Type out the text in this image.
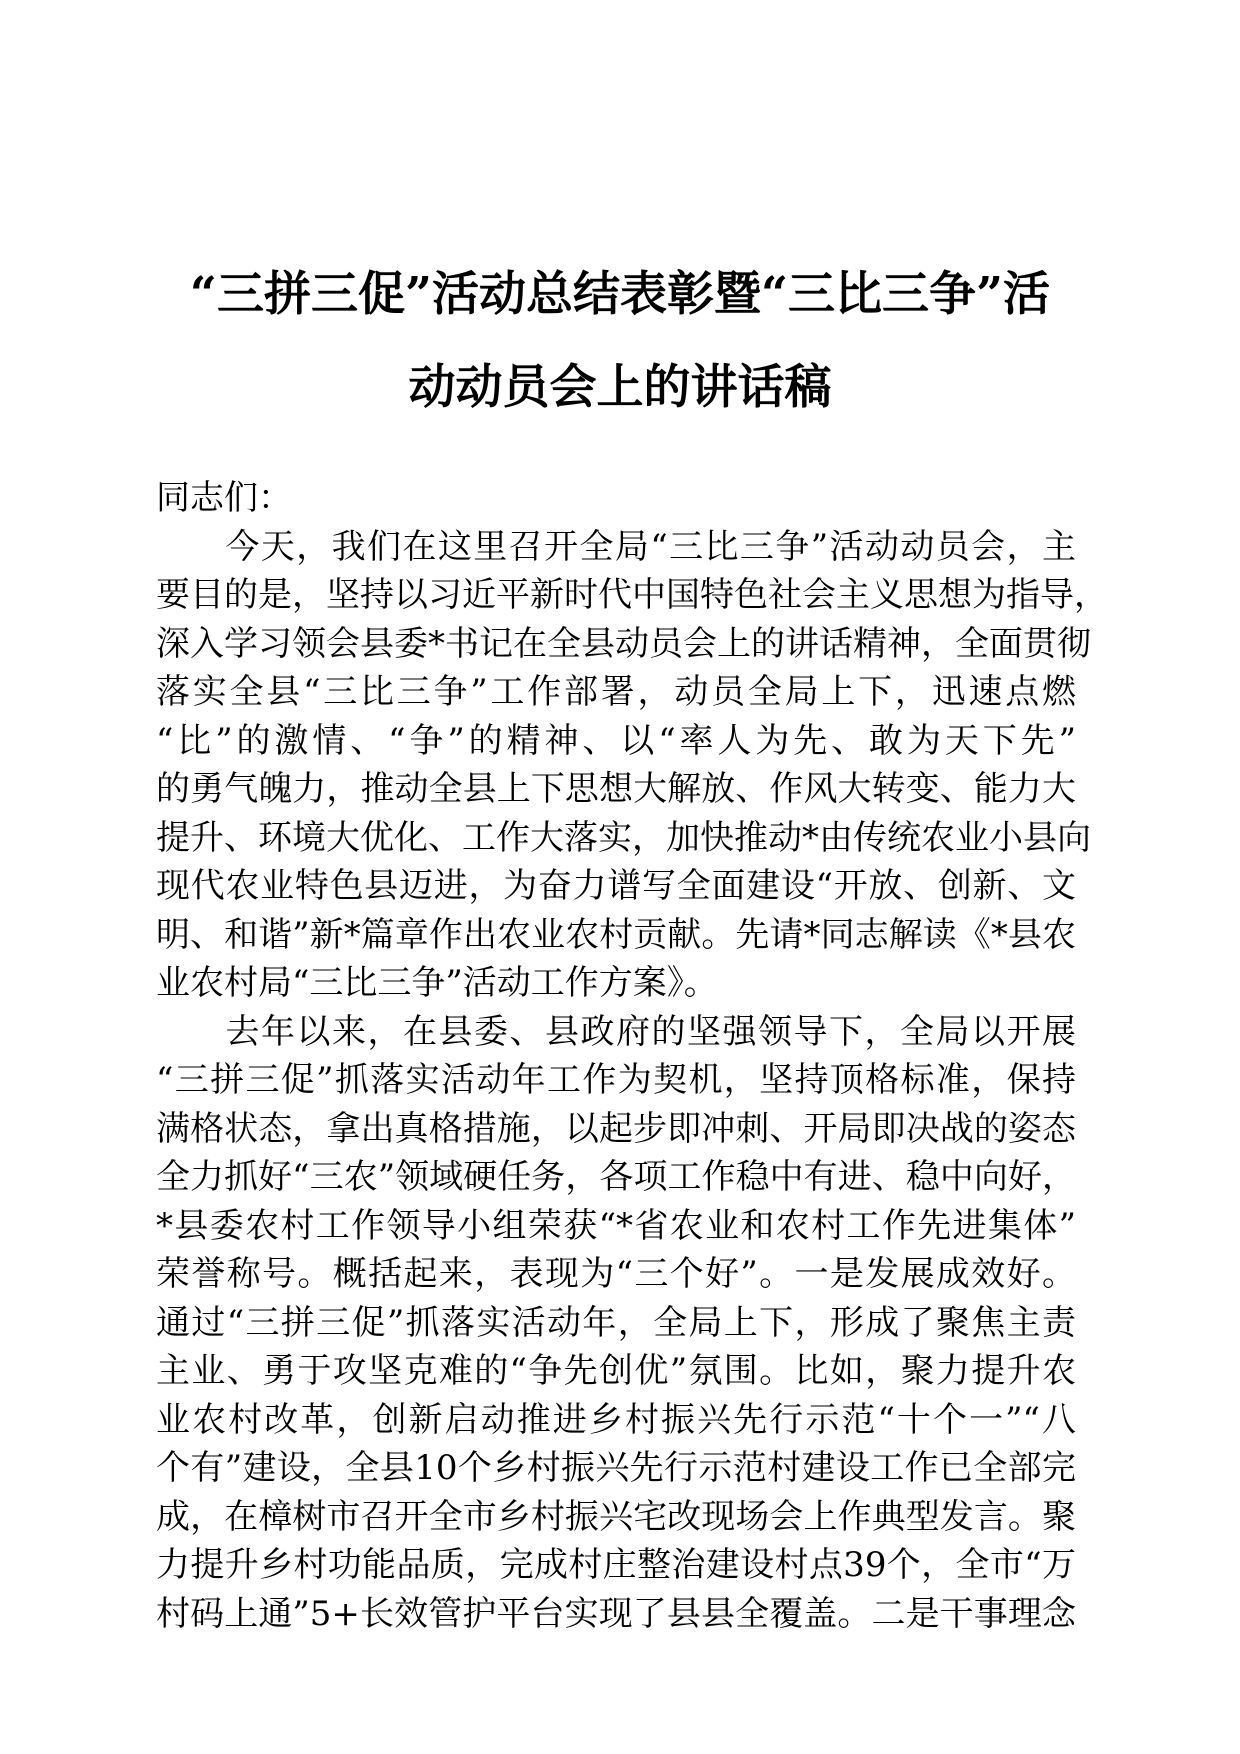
“三拼三促”活动总结表彰暨“三比三争”活
动动员会上的讲话稿
同志们：
今天，我们在这里召开全局“三比三争”活动动员会，主
要目的是，坚持以习近平新时代中国特色社会主义思想为指导，
深入学习领会县委*书记在全县动员会上的讲话精神，全面贯彻
落实全县“三比三争”工作部署，动员全局上下，迅速点燃
“比”的激情、“争”的精神、以“率人为先、敢为天下先”
的勇气魄力，推动全县上下思想大解放、作风大转变、能力大
提升、环境大优化、工作大落实，加快推动*由传统农业小县向
现代农业特色县迈进，为奋力谱写全面建设“开放、创新、文
明、和谐”新*篇章作出农业农村贡献。先请*同志解读《*县农
业农村局“三比三争”活动工作方案》。
去年以来，在县委、县政府的坚强领导下，全局以开展
“三拼三促”抓落实活动年工作为契机，坚持顶格标准，保持
满格状态，拿出真格措施，以起步即冲刺、开局即决战的姿态
全力抓好“三农”领域硬任务，各项工作稳中有进、稳中向好，
*县委农村工作领导小组荣获“*省农业和农村工作先进集体”
荣誉称号。概括起来，表现为“三个好”。一是发展成效好。
通过“三拼三促”抓落实活动年，全局上下，形成了聚焦主责
主业、勇于攻坚克难的“争先创优”氛围。比如，聚力提升农
业农村改革，创新启动推进乡村振兴先行示范“十个一”“八
个有”建设，全县10个乡村振兴先行示范村建设工作已全部完
成，在樟树市召开全市乡村振兴宅改现场会上作典型发言。聚
力提升乡村功能品质，完成村庄整治建设村点39个，全市“万
村码上通”5+长效管护平台实现了县县全覆盖。二是干事理念
